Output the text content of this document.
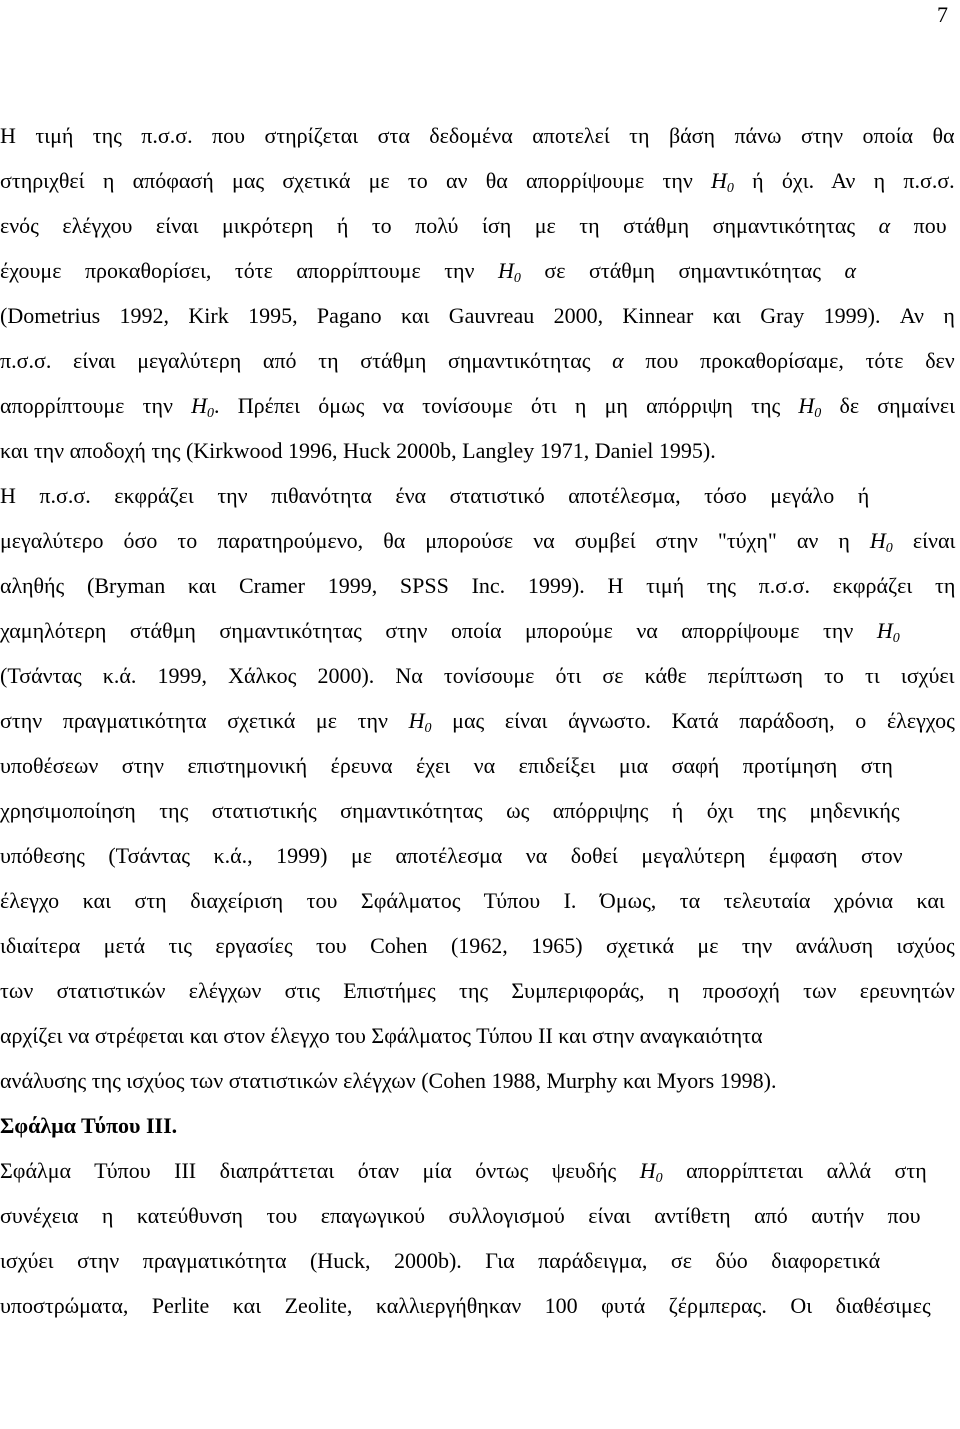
7
Η τιμή της π.σ.σ. που στηρίζεται στα δεδομένα αποτελεί τη βάση πάνω στην οποία θα
στηριχθεί η απόφασή μας σχετικά με το αν θα απορρίψουμε την $H_0$ ή όχι. Αν η π.σ.σ.
ενός ελέγχου είναι μικρότερη ή το πολύ ίση με τη στάθμη σημαντικότητας α που
έχουμε προκαθορίσει, τότε απορρίπτουμε την $H_0$ σε στάθμη σημαντικότητας α
(Dometrius 1992, Kirk 1995, Pagano και Gauvreau 2000, Kinnear και Gray 1999). Αν η
π.σ.σ. είναι μεγαλύτερη από τη στάθμη σημαντικότητας α που προκαθορίσαμε, τότε δεν
απορρίπτουμε την $H_0$. Πρέπει όμως να τονίσουμε ότι η μη απόρριψη της $H_0$ δε σημαίνει
και την αποδοχή της (Kirkwood 1996, Huck 2000b, Langley 1971, Daniel 1995).
Η π.σ.σ. εκφράζει την πιθανότητα ένα στατιστικό αποτέλεσμα, τόσο μεγάλο ή
μεγαλύτερο όσο το παρατηρούμενο, θα μπορούσε να συμβεί στην "τύχη" αν η $H_0$ είναι
αληθής (Bryman και Cramer 1999, SPSS Inc. 1999). Η τιμή της π.σ.σ. εκφράζει τη
χαμηλότερη στάθμη σημαντικότητας στην οποία μπορούμε να απορρίψουμε την $H_0$
(Τσάντας κ.ά. 1999, Χάλκος 2000). Να τονίσουμε ότι σε κάθε περίπτωση το τι ισχύει
στην πραγματικότητα σχετικά με την $H_0$ μας είναι άγνωστο. Κατά παράδοση, ο έλεγχος
υποθέσεων στην επιστημονική έρευνα έχει να επιδείξει μια σαφή προτίμηση στη
χρησιμοποίηση της στατιστικής σημαντικότητας ως απόρριψης ή όχι της μηδενικής
υπόθεσης (Τσάντας κ.ά., 1999) με αποτέλεσμα να δοθεί μεγαλύτερη έμφαση στον
έλεγχο και στη διαχείριση του Σφάλματος Τύπου Ι. Όμως, τα τελευταία χρόνια και
ιδιαίτερα μετά τις εργασίες του Cohen (1962, 1965) σχετικά με την ανάλυση ισχύος
των στατιστικών ελέγχων στις Επιστήμες της Συμπεριφοράς, η προσοχή των ερευνητών
αρχίζει να στρέφεται και στον έλεγχο του Σφάλματος Τύπου ΙΙ και στην αναγκαιότητα
ανάλυσης της ισχύος των στατιστικών ελέγχων (Cohen 1988, Murphy και Myors 1998).
Σφάλμα Τύπου ΙΙΙ.
Σφάλμα Τύπου ΙΙΙ διαπράττεται όταν μία όντως ψευδής $H_0$ απορρίπτεται αλλά στη
συνέχεια η κατεύθυνση του επαγωγικού συλλογισμού είναι αντίθετη από αυτήν που
ισχύει στην πραγματικότητα (Huck, 2000b). Για παράδειγμα, σε δύο διαφορετικά
υποστρώματα, Perlite και Zeolite, καλλιεργήθηκαν 100 φυτά ζέρμπερας. Οι διαθέσιμες
